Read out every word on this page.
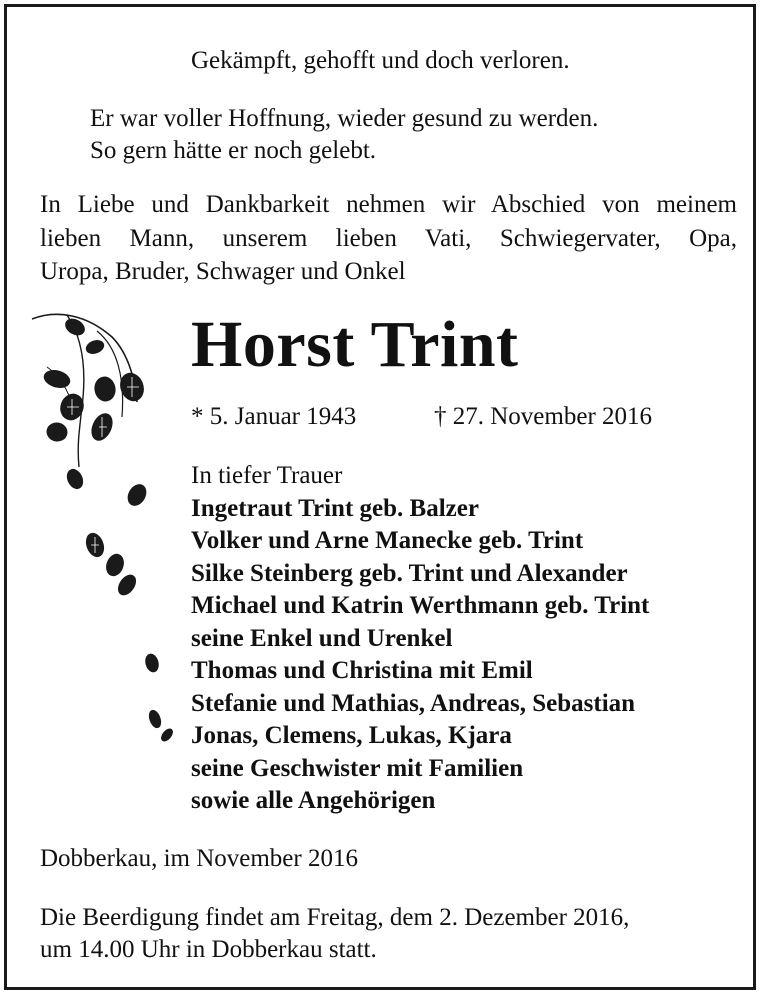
Gekämpft, gehofft und doch verloren.
Er war voller Hoffnung, wieder gesund zu werden.
So gern hätte er noch gelebt.
In Liebe und Dankbarkeit nehmen wir Abschied von meinem
lieben Mann, unserem lieben Vati, Schwiegervater, Opa,
Uropa, Bruder, Schwager und Onkel
Horst Trint
* 5. Januar 1943	† 27. November 2016
In tiefer Trauer
Ingetraut Trint geb. Balzer
Volker und Arne Manecke geb. Trint
Silke Steinberg geb. Trint und Alexander
Michael und Katrin Werthmann geb. Trint
seine Enkel und Urenkel
Thomas und Christina mit Emil
Stefanie und Mathias, Andreas, Sebastian
Jonas, Clemens, Lukas, Kjara
seine Geschwister mit Familien
sowie alle Angehörigen
Dobberkau, im November 2016
Die Beerdigung findet am Freitag, dem 2. Dezember 2016,
um 14.00 Uhr in Dobberkau statt.
